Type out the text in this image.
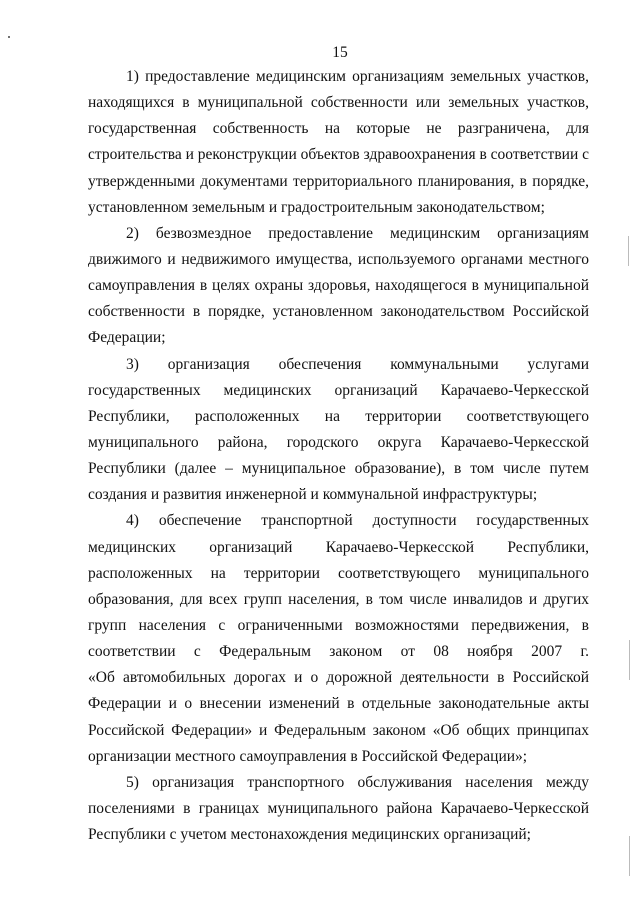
15
1) предоставление медицинским организациям земельных участков,
находящихся в муниципальной собственности или земельных участков,
государственная собственность на которые не разграничена, для
строительства и реконструкции объектов здравоохранения в соответствии с
утвержденными документами территориального планирования, в порядке,
установленном земельным и градостроительным законодательством;
2) безвозмездное предоставление медицинским организациям
движимого и недвижимого имущества, используемого органами местного
самоуправления в целях охраны здоровья, находящегося в муниципальной
собственности в порядке, установленном законодательством Российской
Федерации;
3) организация обеспечения коммунальными услугами
государственных медицинских организаций Карачаево-Черкесской
Республики, расположенных на территории соответствующего
муниципального района, городского округа Карачаево-Черкесской
Республики (далее – муниципальное образование), в том числе путем
создания и развития инженерной и коммунальной инфраструктуры;
4) обеспечение транспортной доступности государственных
медицинских организаций Карачаево-Черкесской Республики,
расположенных на территории соответствующего муниципального
образования, для всех групп населения, в том числе инвалидов и других
групп населения с ограниченными возможностями передвижения, в
соответствии с Федеральным законом от 08 ноября 2007 г.
«Об автомобильных дорогах и о дорожной деятельности в Российской
Федерации и о внесении изменений в отдельные законодательные акты
Российской Федерации» и Федеральным законом «Об общих принципах
организации местного самоуправления в Российской Федерации»;
5) организация транспортного обслуживания населения между
поселениями в границах муниципального района Карачаево-Черкесской
Республики с учетом местонахождения медицинских организаций;
